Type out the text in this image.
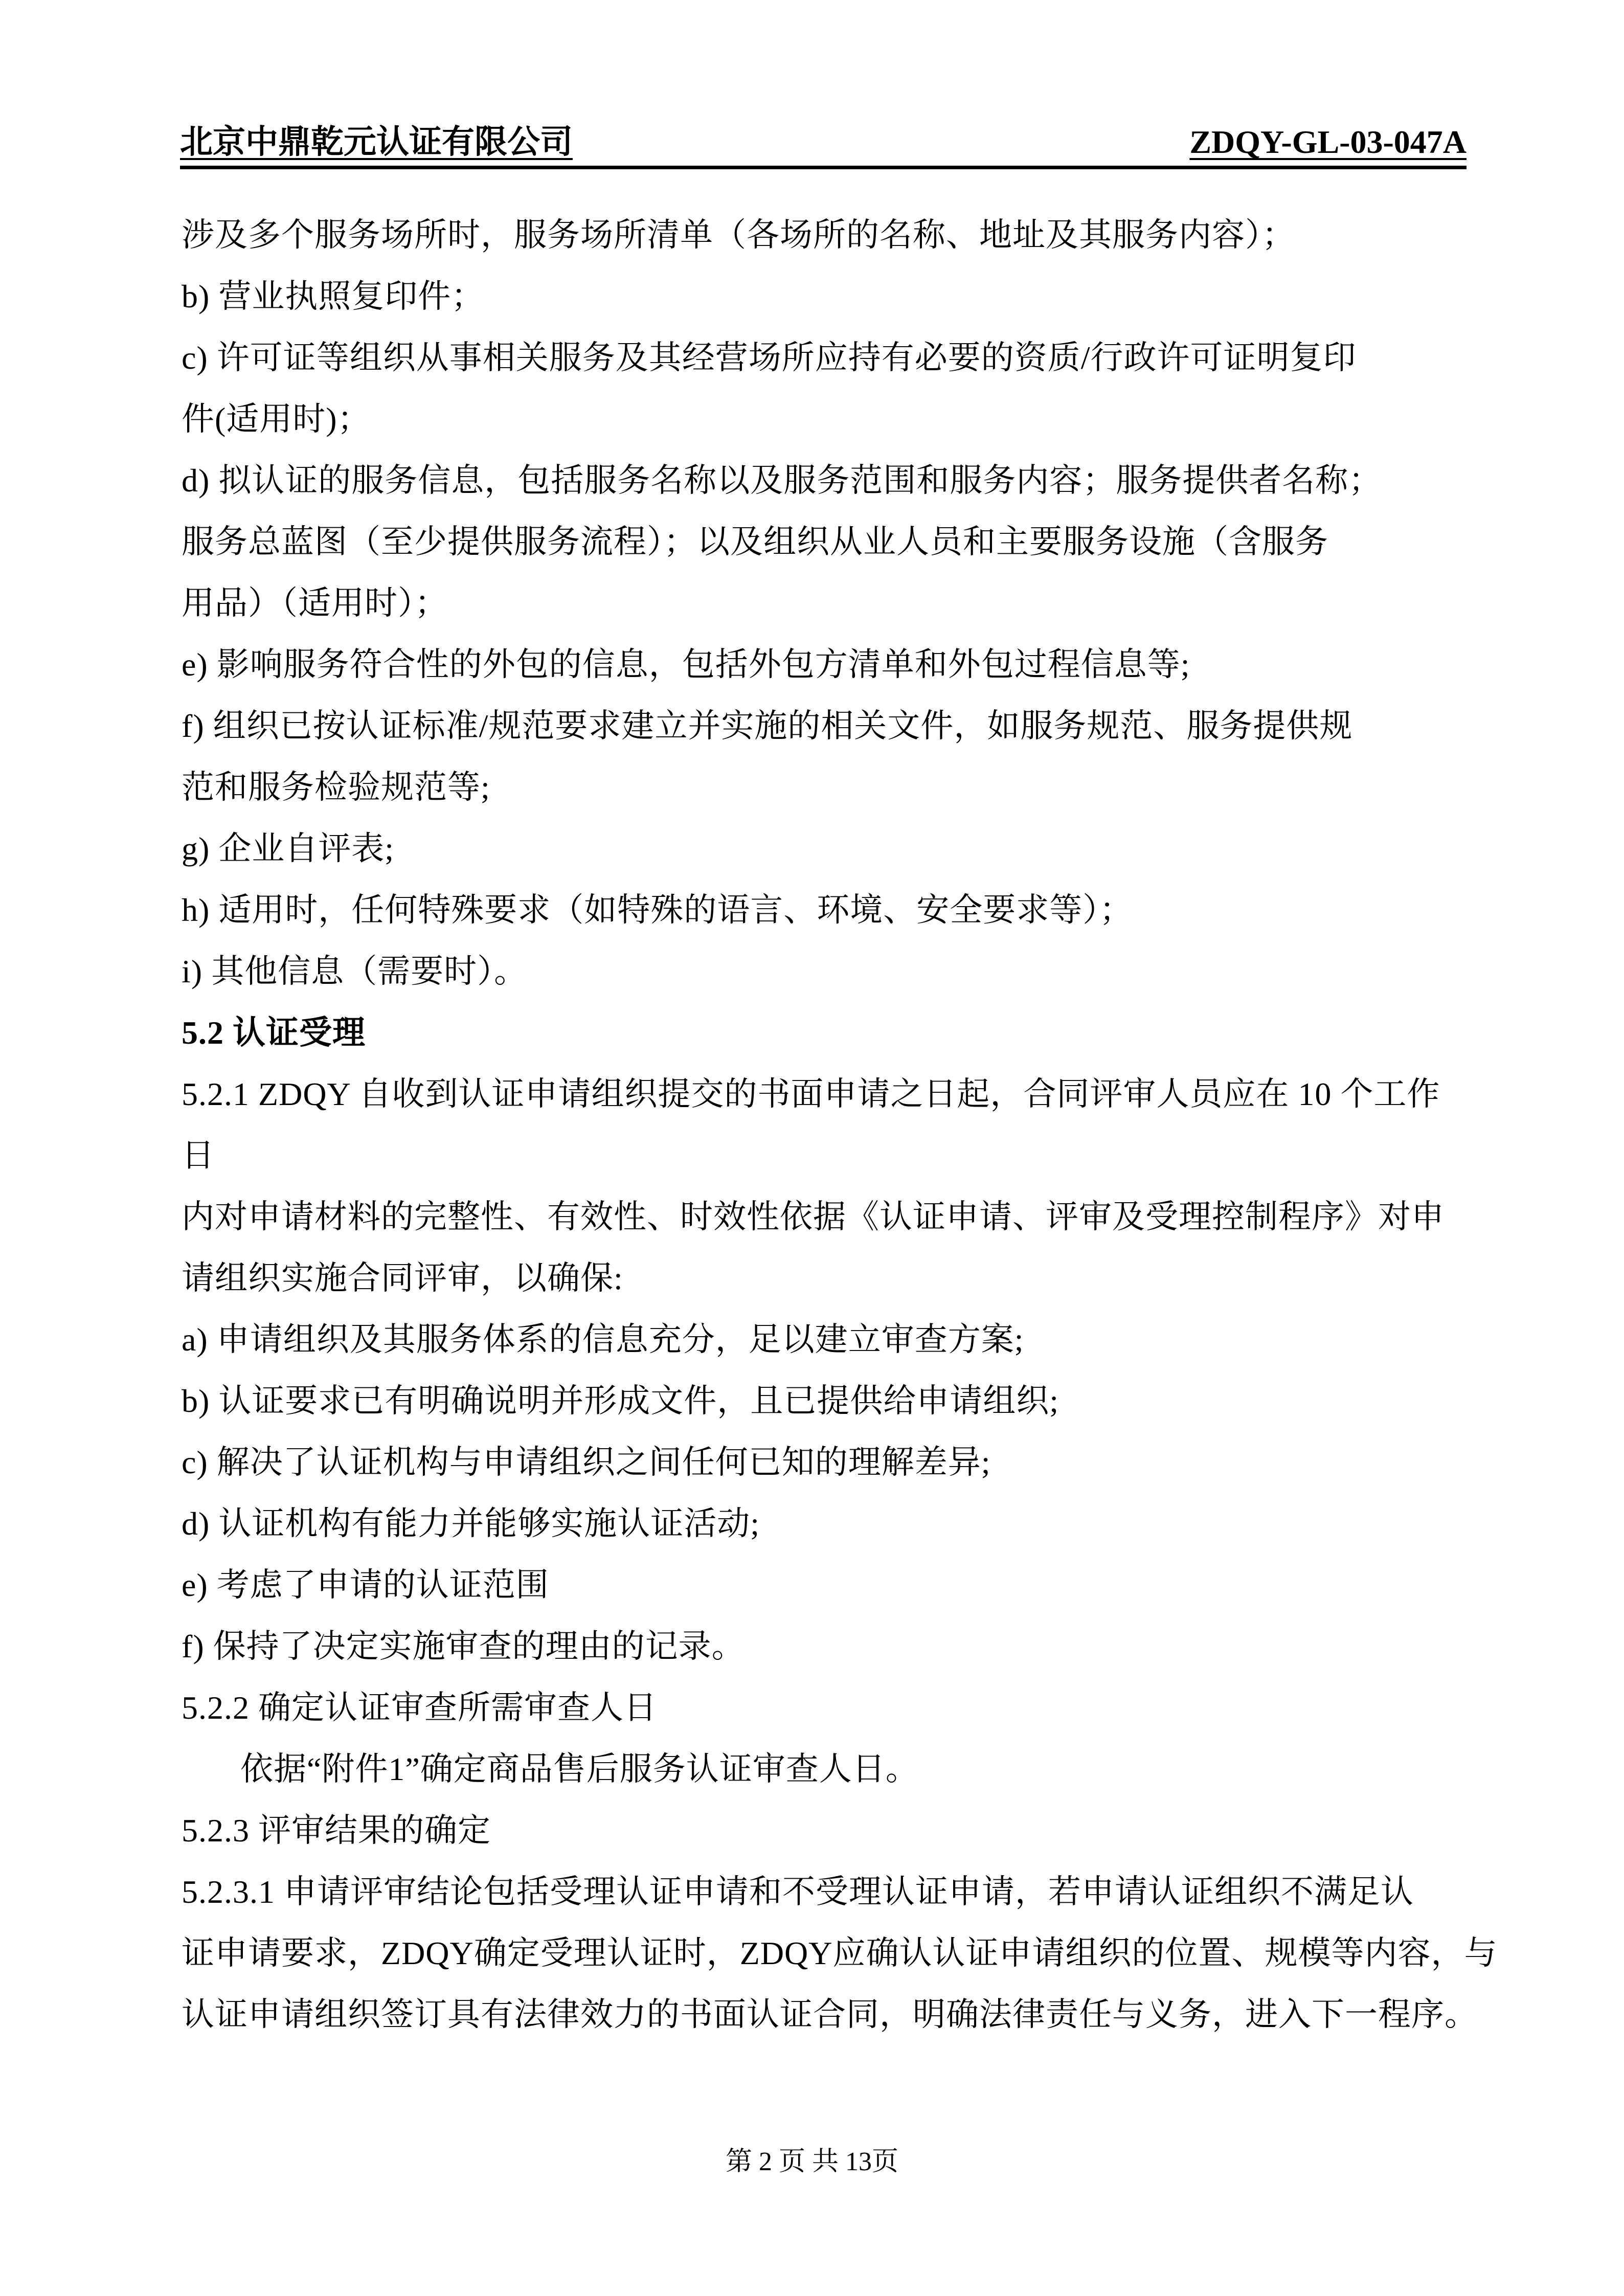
北京中鼎乾元认证有限公司	ZDQY-GL-03-047A
涉及多个服务场所时，服务场所清单（各场所的名称、地址及其服务内容）；
b) 营业执照复印件；
c) 许可证等组织从事相关服务及其经营场所应持有必要的资质/行政许可证明复印
件(适用时)；
d) 拟认证的服务信息，包括服务名称以及服务范围和服务内容；服务提供者名称；
服务总蓝图（至少提供服务流程）；以及组织从业人员和主要服务设施（含服务
用品）（适用时）；
e) 影响服务符合性的外包的信息，包括外包方清单和外包过程信息等;
f) 组织已按认证标准/规范要求建立并实施的相关文件，如服务规范、服务提供规
范和服务检验规范等;
g) 企业自评表;
h) 适用时，任何特殊要求（如特殊的语言、环境、安全要求等）；
i) 其他信息（需要时）。
5.2 认证受理
5.2.1 ZDQY 自收到认证申请组织提交的书面申请之日起，合同评审人员应在 10 个工作
日
内对申请材料的完整性、有效性、时效性依据《认证申请、评审及受理控制程序》对申
请组织实施合同评审，以确保:
a) 申请组织及其服务体系的信息充分，足以建立审查方案;
b) 认证要求已有明确说明并形成文件，且已提供给申请组织;
c) 解决了认证机构与申请组织之间任何已知的理解差异;
d) 认证机构有能力并能够实施认证活动;
e) 考虑了申请的认证范围
f) 保持了决定实施审查的理由的记录。
5.2.2 确定认证审查所需审查人日
依据“附件1”确定商品售后服务认证审查人日。
5.2.3 评审结果的确定
5.2.3.1 申请评审结论包括受理认证申请和不受理认证申请，若申请认证组织不满足认
证申请要求，ZDQY确定受理认证时，ZDQY应确认认证申请组织的位置、规模等内容，与
认证申请组织签订具有法律效力的书面认证合同，明确法律责任与义务，进入下一程序。
第 2 页 共 13页
